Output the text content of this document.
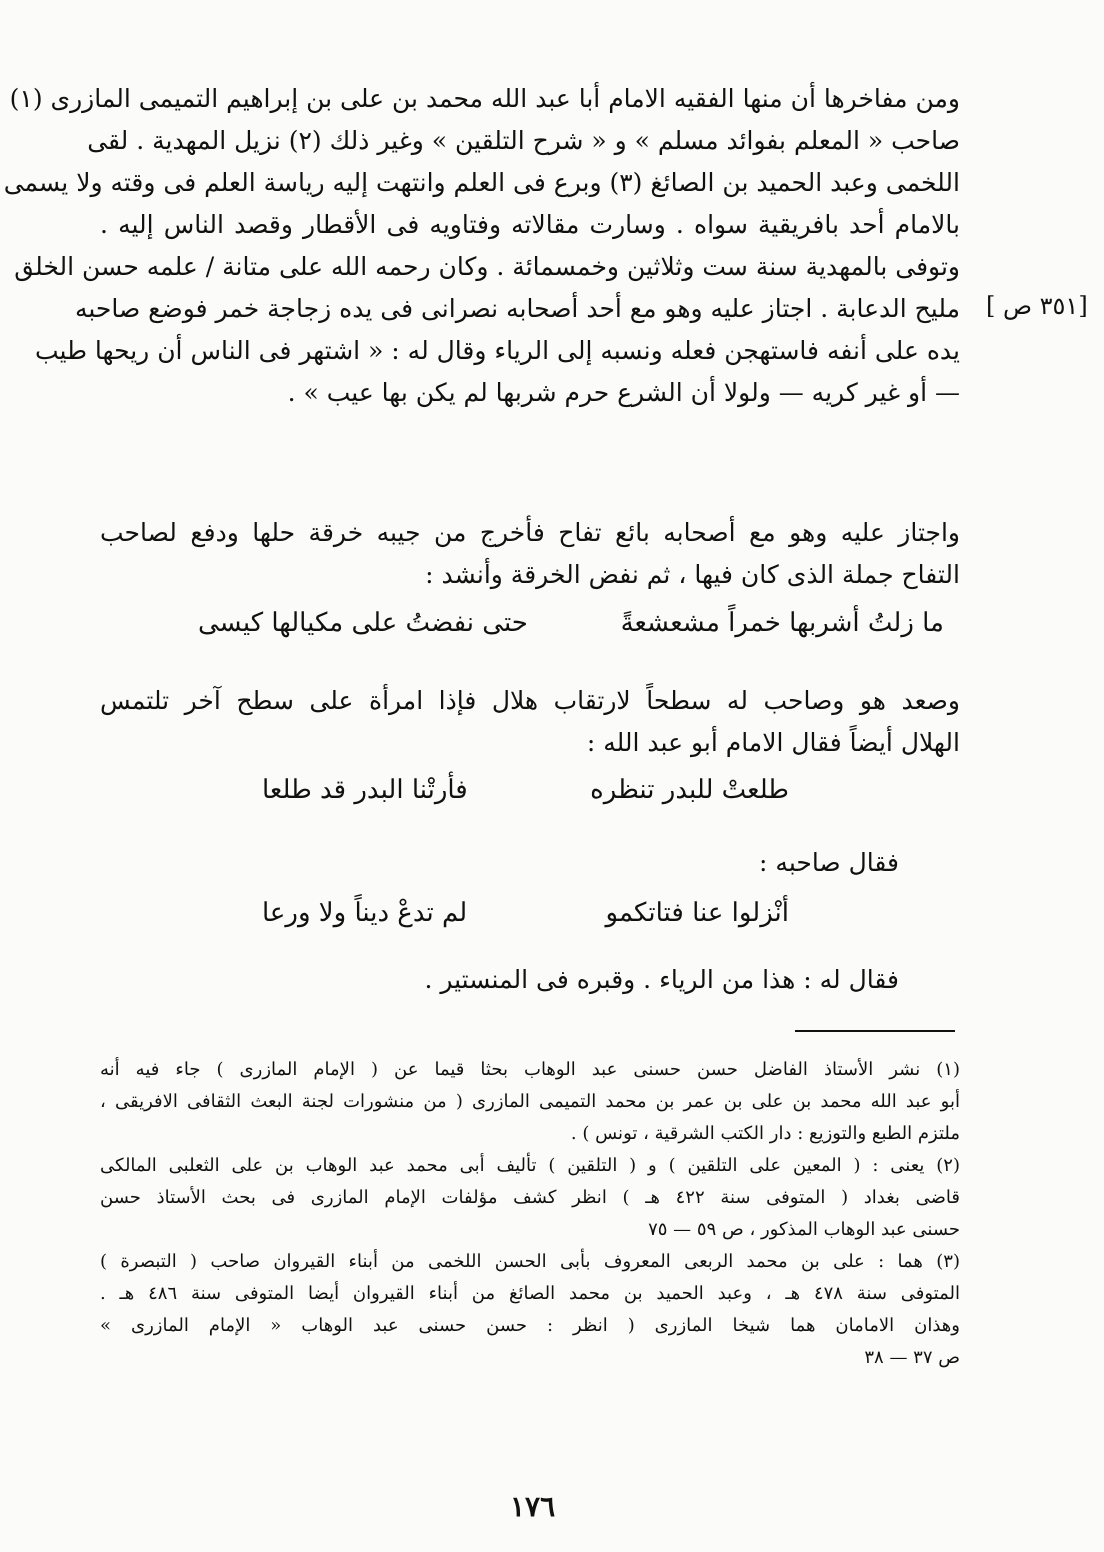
[٣٥١ ص ]
ومن مفاخرها أن منها الفقيه الامام أبا عبد الله محمد بن على بن إبراهيم التميمى المازرى (١)
صاحب « المعلم بفوائد مسلم » و « شرح التلقين » وغير ذلك (٢) نزيل المهدية . لقى
اللخمى وعبد الحميد بن الصائغ (٣) وبرع فى العلم وانتهت إليه رياسة العلم فى وقته ولا يسمى
بالامام أحد بافريقية سواه . وسارت مقالاته وفتاويه فى الأقطار وقصد الناس إليه .
وتوفى بالمهدية سنة ست وثلاثين وخمسمائة . وكان رحمه الله على متانة / علمه حسن الخلق
مليح الدعابة . اجتاز عليه وهو مع أحد أصحابه نصرانى فى يده زجاجة خمر فوضع صاحبه
يده على أنفه فاستهجن فعله ونسبه إلى الرياء وقال له : « اشتهر فى الناس أن ريحها طيب
— أو غير كريه — ولولا أن الشرع حرم شربها لم يكن بها عيب » .
واجتاز عليه وهو مع أصحابه بائع تفاح فأخرج من جيبه خرقة حلها ودفع لصاحب
التفاح جملة الذى كان فيها ، ثم نفض الخرقة وأنشد :
ما زلتُ أشربها خمراً مشعشعةً
حتى نفضتُ على مكيالها كيسى
وصعد هو وصاحب له سطحاً لارتقاب هلال فإذا امرأة على سطح آخر تلتمس
الهلال أيضاً فقال الامام أبو عبد الله :
طلعتْ للبدر تنظره
فأرتْنا البدر قد طلعا
فقال صاحبه :
أنْزلوا عنا فتاتكمو
لم تدعْ ديناً ولا ورعا
فقال له : هذا من الرياء . وقبره فى المنستير .
(١) نشر الأستاذ الفاضل حسن حسنى عبد الوهاب بحثا قيما عن ( الإمام المازرى ) جاء فيه أنه
أبو عبد الله محمد بن على بن عمر بن محمد التميمى المازرى ( من منشورات لجنة البعث الثقافى الافريقى ،
ملتزم الطبع والتوزيع : دار الكتب الشرقية ، تونس ) .
(٢) يعنى : ( المعين على التلقين ) و ( التلقين ) تأليف أبى محمد عبد الوهاب بن على الثعلبى المالكى
قاضى بغداد ( المتوفى سنة ٤٢٢ هـ ) انظر كشف مؤلفات الإمام المازرى فى بحث الأستاذ حسن
حسنى عبد الوهاب المذكور ، ص ٥٩ — ٧٥
(٣) هما : على بن محمد الربعى المعروف بأبى الحسن اللخمى من أبناء القيروان صاحب ( التبصرة )
المتوفى سنة ٤٧٨ هـ ، وعبد الحميد بن محمد الصائغ من أبناء القيروان أيضا المتوفى سنة ٤٨٦ هـ .
وهذان الامامان هما شيخا المازرى ( انظر : حسن حسنى عبد الوهاب « الإمام المازرى »
ص ٣٧ — ٣٨
١٧٦
